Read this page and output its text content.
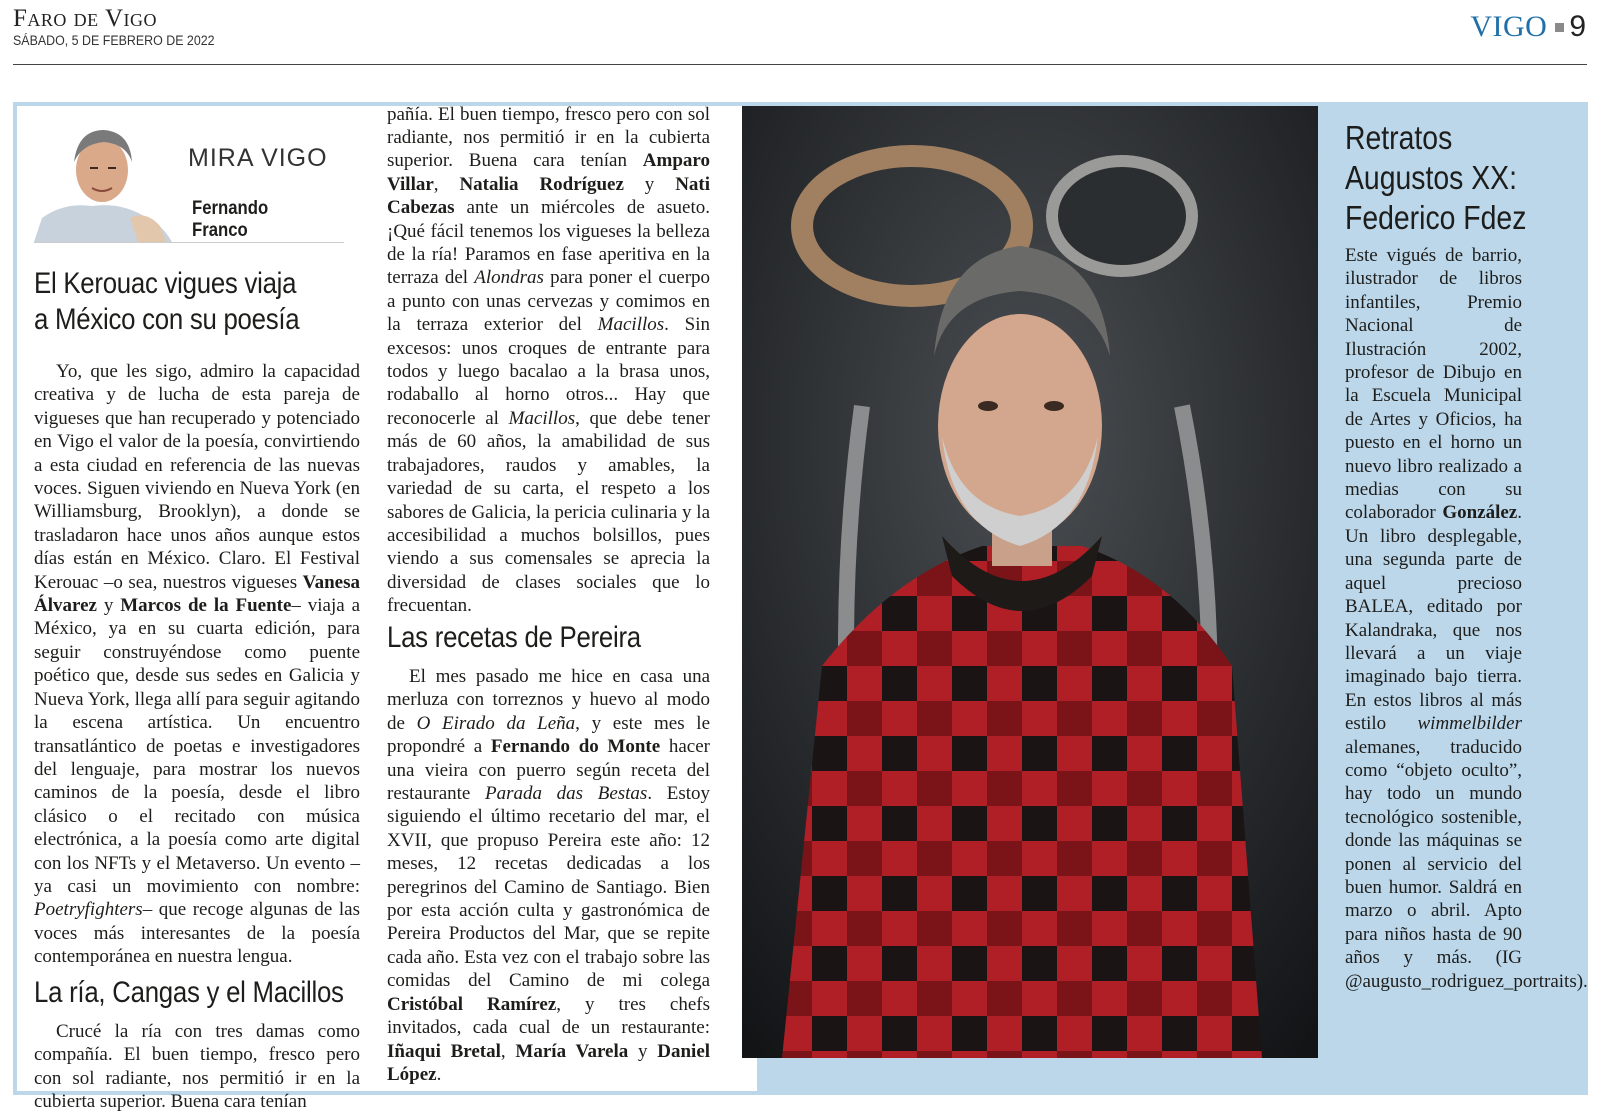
Faro de Vigo
SÁBADO, 5 DE FEBRERO DE 2022	VIGO 9
MIRA VIGO
Fernando Franco
El Kerouac vigues viaja
a México con su poesía
Yo, que les sigo, admiro la capacidad creativa y de lucha de esta pareja de vigueses que han recuperado y potenciado en Vigo el valor de la poesía, convirtiendo a esta ciudad en referencia de las nuevas voces. Siguen viviendo en Nueva York (en Williamsburg, Brooklyn), a donde se trasladaron hace unos años aunque estos días están en México. Claro. El Festival Kerouac –o sea, nuestros vigueses Vanesa Álvarez y Marcos de la Fuente– viaja a México, ya en su cuarta edición, para seguir construyéndose como puente poético que, desde sus sedes en Galicia y Nueva York, llega allí para seguir agitando la escena artística. Un encuentro transatlántico de poetas e investigadores del lenguaje, para mostrar los nuevos caminos de la poesía, desde el libro clásico o el recitado con música electrónica, a la poesía como arte digital con los NFTs y el Metaverso. Un evento –ya casi un movimiento con nombre: Poetryfighters– que recoge algunas de las voces más interesantes de la poesía contemporánea en nuestra lengua.
La ría, Cangas y el Macillos
Crucé la ría con tres damas como compañía. El buen tiempo, fresco pero con sol radiante, nos permitió ir en la cubierta superior. Buena cara tenían
pañía. El buen tiempo, fresco pero con sol radiante, nos permitió ir en la cubierta superior. Buena cara tenían Amparo Villar, Natalia Rodríguez y Nati Cabezas ante un miércoles de asueto. ¡Qué fácil tenemos los vigueses la belleza de la ría! Paramos en fase aperitiva en la terraza del Alondras para poner el cuerpo a punto con unas cervezas y comimos en la terraza exterior del Macillos. Sin excesos: unos croques de entrante para todos y luego bacalao a la brasa unos, rodaballo al horno otros... Hay que reconocerle al Macillos, que debe tener más de 60 años, la amabilidad de sus trabajadores, raudos y amables, la variedad de su carta, el respeto a los sabores de Galicia, la pericia culinaria y la accesibilidad a muchos bolsillos, pues viendo a sus comensales se aprecia la diversidad de clases sociales que lo frecuentan.
Las recetas de Pereira
El mes pasado me hice en casa una merluza con torreznos y huevo al modo de O Eirado da Leña, y este mes le propondré a Fernando do Monte hacer una vieira con puerro según receta del restaurante Parada das Bestas. Estoy siguiendo el último recetario del mar, el XVII, que propuso Pereira este año: 12 meses, 12 recetas dedicadas a los peregrinos del Camino de Santiago. Bien por esta acción culta y gastronómica de Pereira Productos del Mar, que se repite cada año. Esta vez con el trabajo sobre las comidas del Camino de mi colega Cristóbal Ramírez, y tres chefs invitados, cada cual de un restaurante: Iñaqui Bretal, María Varela y Daniel López.
Retratos
Augustos XX:
Federico Fdez
Este vigués de barrio, ilustrador de libros infantiles, Premio Nacional de Ilustración 2002, profesor de Dibujo en la Escuela Municipal de Artes y Oficios, ha puesto en el horno un nuevo libro realizado a medias con su colaborador González. Un libro desplegable, una segunda parte de aquel precioso BALEA, editado por Kalandraka, que nos llevará a un viaje imaginado bajo tierra. En estos libros al más estilo wimmelbilder alemanes, traducido como “objeto oculto”, hay todo un mundo tecnológico sostenible, donde las máquinas se ponen al servicio del buen humor. Saldrá en marzo o abril. Apto para niños hasta de 90 años y más. (IG @augusto_rodriguez_portraits).
